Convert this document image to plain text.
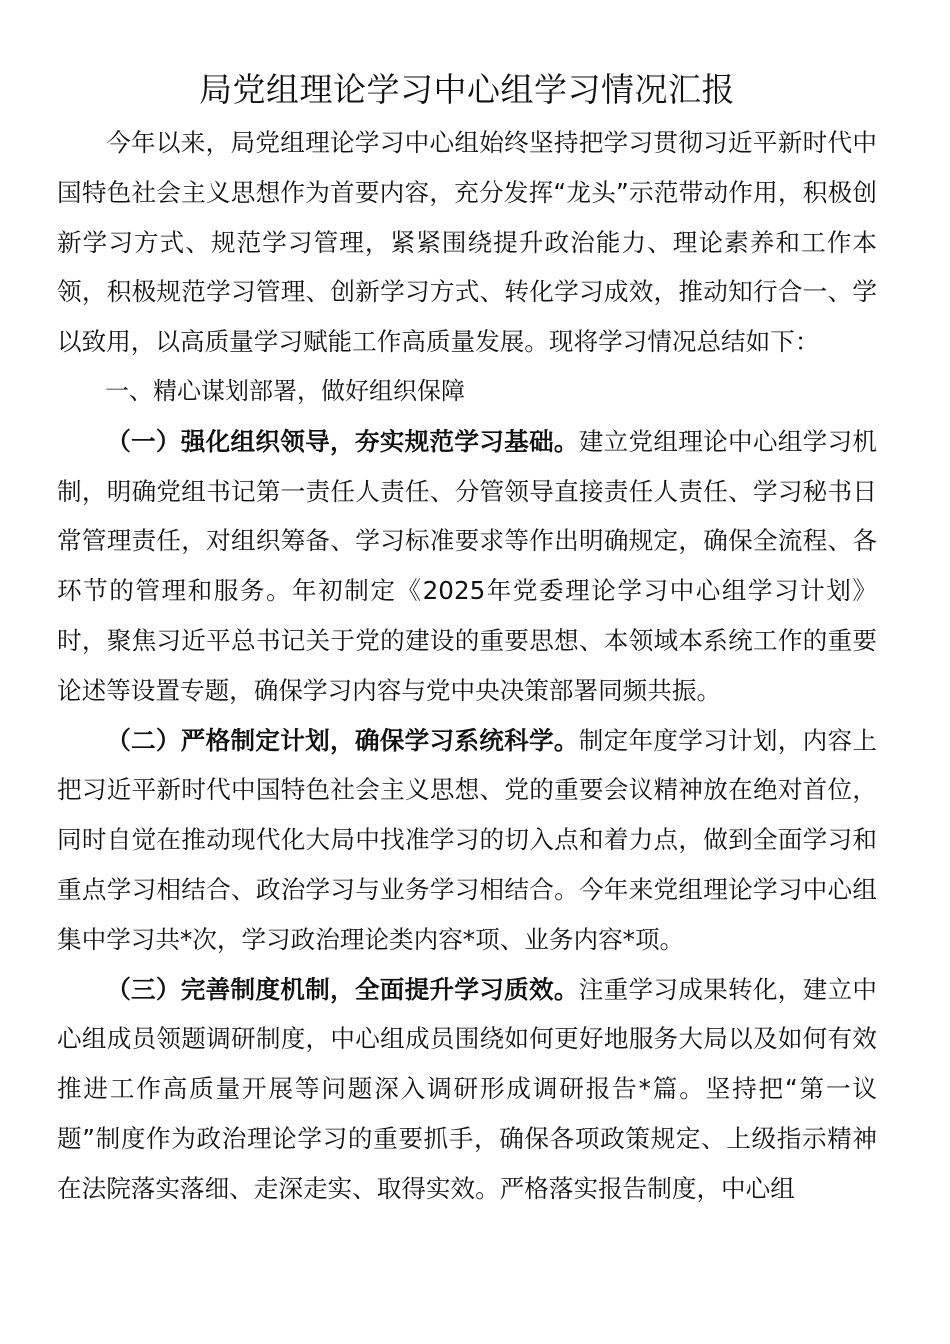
局党组理论学习中心组学习情况汇报

今年以来，局党组理论学习中心组始终坚持把学习贯彻习近平新时代中国特色社会主义思想作为首要内容，充分发挥“龙头”示范带动作用，积极创新学习方式、规范学习管理，紧紧围绕提升政治能力、理论素养和工作本领，积极规范学习管理、创新学习方式、转化学习成效，推动知行合一、学以致用，以高质量学习赋能工作高质量发展。现将学习情况总结如下：

一、精心谋划部署，做好组织保障

（一）强化组织领导，夯实规范学习基础。建立党组理论中心组学习机制，明确党组书记第一责任人责任、分管领导直接责任人责任、学习秘书日常管理责任，对组织筹备、学习标准要求等作出明确规定，确保全流程、各环节的管理和服务。年初制定《2025年党委理论学习中心组学习计划》时，聚焦习近平总书记关于党的建设的重要思想、本领域本系统工作的重要论述等设置专题，确保学习内容与党中央决策部署同频共振。

（二）严格制定计划，确保学习系统科学。制定年度学习计划，内容上把习近平新时代中国特色社会主义思想、党的重要会议精神放在绝对首位，同时自觉在推动现代化大局中找准学习的切入点和着力点，做到全面学习和重点学习相结合、政治学习与业务学习相结合。今年来党组理论学习中心组集中学习共*次，学习政治理论类内容*项、业务内容*项。

（三）完善制度机制，全面提升学习质效。注重学习成果转化，建立中心组成员领题调研制度，中心组成员围绕如何更好地服务大局以及如何有效推进工作高质量开展等问题深入调研形成调研报告*篇。坚持把“第一议题”制度作为政治理论学习的重要抓手，确保各项政策规定、上级指示精神在法院落实落细、走深走实、取得实效。严格落实报告制度，中心组
